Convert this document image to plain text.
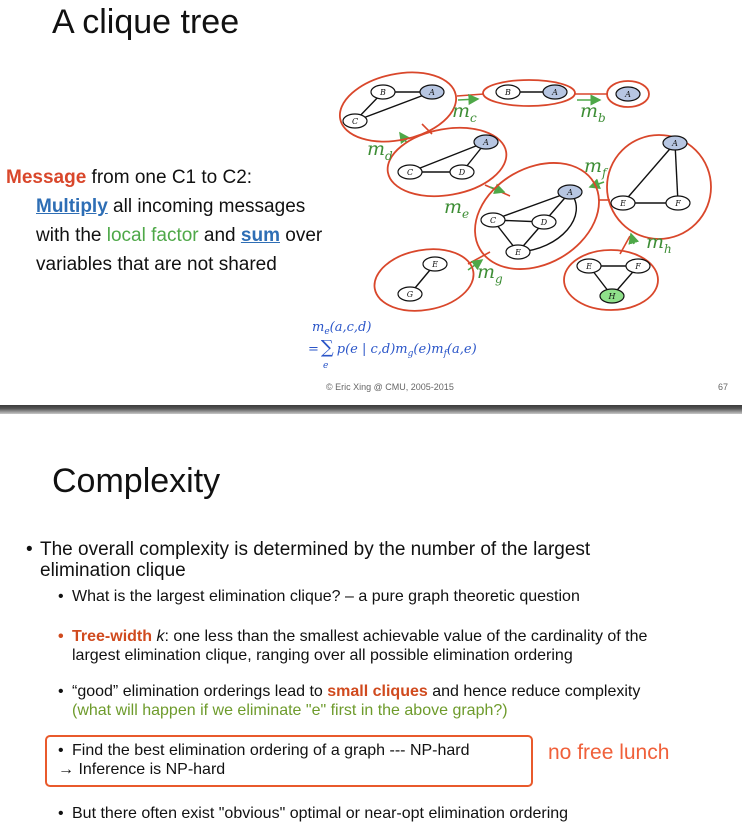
A clique tree
B	A
C
B	A	A
A
C	D
A
C	D
E
A
E	F
E	F
H
E
G
$m_c$	$m_b$
$m_d$	$m_f$
$m_e$
$m_h$
$m_g$
$m_e(a,c,d)$
= ∑ p(e | $c,d)m_g(e)m_f(a,e)$
e
Message from one C1 to C2:
Multiply all incoming messages
with the local factor and sum over
variables that are not shared
© Eric Xing @ CMU, 2005-2015	67
Complexity
• The overall complexity is determined by the number of the largest
elimination clique
• What is the largest elimination clique? – a pure graph theoretic question
• Tree-width k: one less than the smallest achievable value of the cardinality of the
largest elimination clique, ranging over all possible elimination ordering
• “good” elimination orderings lead to small cliques and hence reduce complexity
(what will happen if we eliminate "e" first in the above graph?)
• Find the best elimination ordering of a graph --- NP-hard
→ Inference is NP-hard
no free lunch
• But there often exist "obvious" optimal or near-opt elimination ordering
